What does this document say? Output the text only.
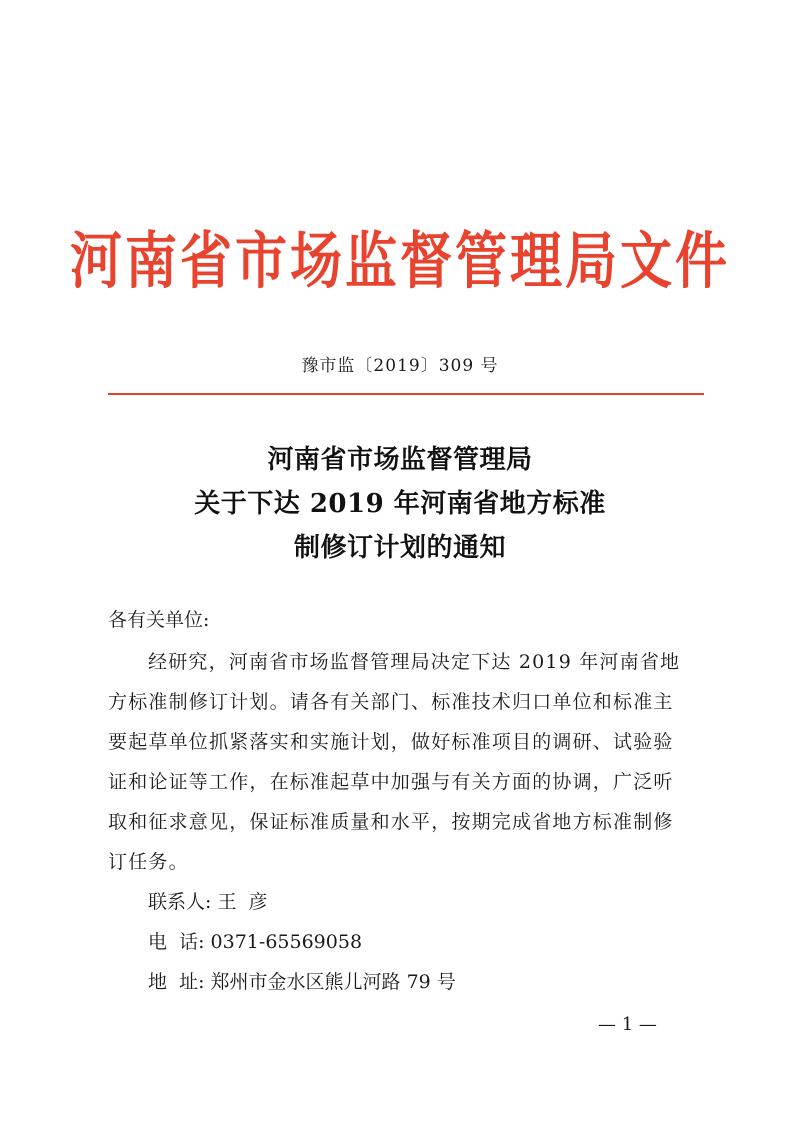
河南省市场监督管理局文件
豫市监〔2019〕309 号
河南省市场监督管理局
关于下达 2019 年河南省地方标准
制修订计划的通知
各有关单位:
经研究，河南省市场监督管理局决定下达 2019 年河南省地
方标准制修订计划。请各有关部门、标准技术归口单位和标准主
要起草单位抓紧落实和实施计划，做好标准项目的调研、试验验
证和论证等工作，在标准起草中加强与有关方面的协调，广泛听
取和征求意见，保证标准质量和水平，按期完成省地方标准制修
订任务。
联系人: 王  彦
电  话: 0371-65569058
地  址: 郑州市金水区熊儿河路 79 号
— 1 —
